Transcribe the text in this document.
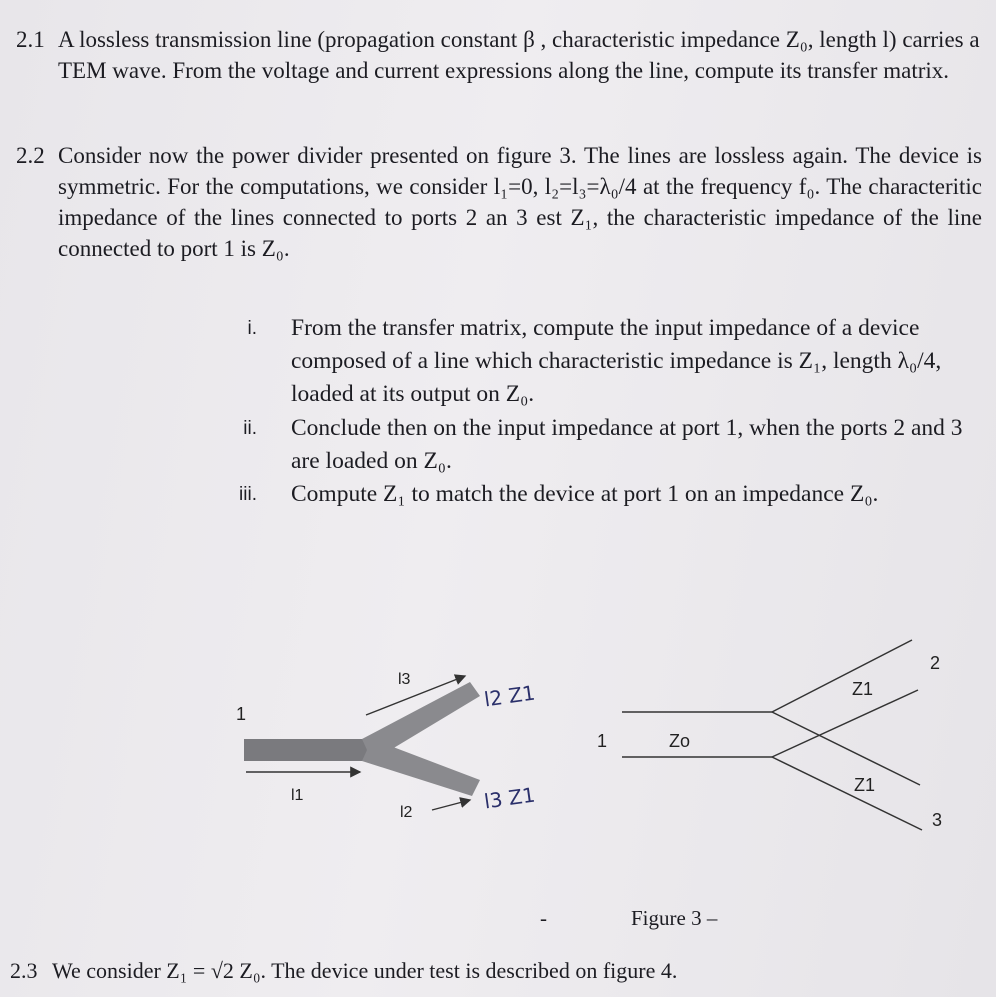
2.1 A lossless transmission line (propagation constant β , characteristic impedance Z₀, length l) carries a TEM wave. From the voltage and current expressions along the line, compute its transfer matrix.
2.2 Consider now the power divider presented on figure 3. The lines are lossless again. The device is symmetric. For the computations, we consider l₁=0, l₂=l₃=λ₀/4 at the frequency f₀. The characteritic impedance of the lines connected to ports 2 an 3 est Z₁, the characteristic impedance of the line connected to port 1 is Z₀.
i. From the transfer matrix, compute the input impedance of a device composed of a line which characteristic impedance is Z₁, length λ₀/4, loaded at its output on Z₀.
ii. Conclude then on the input impedance at port 1, when the ports 2 and 3 are loaded on Z₀.
iii. Compute Z₁ to match the device at port 1 on an impedance Z₀.
1
l1
l2
l3
l2 Z1
l3 Z1
1	Zo
Z1
Z1
2
3
-                Figure 3 –
2.3 We consider Z₁ = √2 Z₀. The device under test is described on figure 4.
